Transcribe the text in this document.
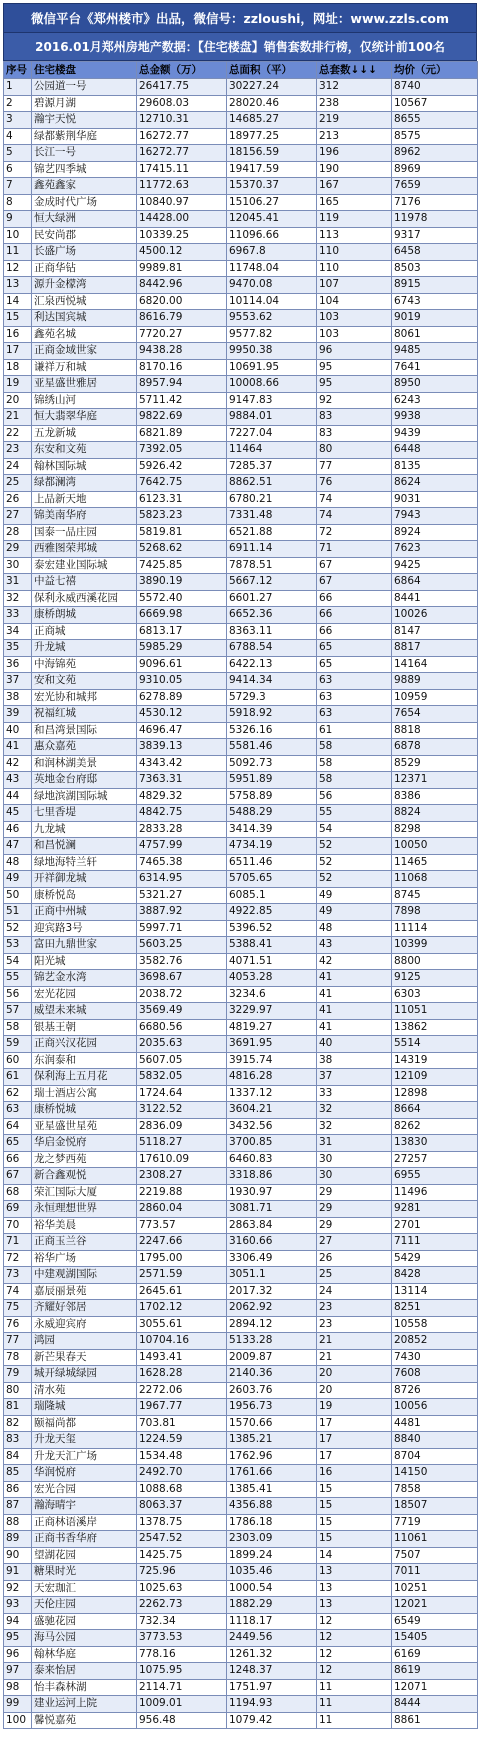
微信平台《郑州楼市》出品，微信号：zzloushi，网址：www.zzls.com
2016.01月郑州房地产数据：【住宅楼盘】销售套数排行榜，仅统计前100名
序号	住宅楼盘	总金额（万）	总面积（平）	总套数↓↓↓	均价（元）
1	公园道一号	26417.75	30227.24	312	8740
2	碧源月湖	29608.03	28020.46	238	10567
3	瀚宇天悦	12710.31	14685.27	219	8655
4	绿都紫荆华庭	16272.77	18977.25	213	8575
5	长江一号	16272.77	18156.59	196	8962
6	锦艺四季城	17415.11	19417.59	190	8969
7	鑫苑鑫家	11772.63	15370.37	167	7659
8	金成时代广场	10840.97	15106.27	165	7176
9	恒大绿洲	14428.00	12045.41	119	11978
10	民安尚郡	10339.25	11096.66	113	9317
11	长盛广场	4500.12	6967.8	110	6458
12	正商华钻	9989.81	11748.04	110	8503
13	源升金檬湾	8442.96	9470.08	107	8915
14	汇泉西悦城	6820.00	10114.04	104	6743
15	利达国宾城	8616.79	9553.62	103	9019
16	鑫苑名城	7720.27	9577.82	103	8061
17	正商金域世家	9438.28	9950.38	96	9485
18	谦祥万和城	8170.16	10691.95	95	7641
19	亚星盛世雅居	8957.94	10008.66	95	8950
20	锦绣山河	5711.42	9147.83	92	6243
21	恒大翡翠华庭	9822.69	9884.01	83	9938
22	五龙新城	6821.89	7227.04	83	9439
23	东安和文苑	7392.05	11464	80	6448
24	翰林国际城	5926.42	7285.37	77	8135
25	绿都澜湾	7642.75	8862.51	76	8624
26	上品新天地	6123.31	6780.21	74	9031
27	锦美南华府	5823.23	7331.48	74	7943
28	国泰一品庄园	5819.81	6521.88	72	8924
29	西雅图荣邦城	5268.62	6911.14	71	7623
30	泰宏建业国际城	7425.85	7878.51	67	9425
31	中益七禧	3890.19	5667.12	67	6864
32	保利永威西溪花园	5572.40	6601.27	66	8441
33	康桥朗城	6669.98	6652.36	66	10026
34	正商城	6813.17	8363.11	66	8147
35	升龙城	5985.29	6788.54	65	8817
36	中海锦苑	9096.61	6422.13	65	14164
37	安和文苑	9310.05	9414.34	63	9889
38	宏光协和城邦	6278.89	5729.3	63	10959
39	祝福红城	4530.12	5918.92	63	7654
40	和昌湾景国际	4696.47	5326.16	61	8818
41	惠众嘉苑	3839.13	5581.46	58	6878
42	和润林湖美景	4343.42	5092.73	58	8529
43	英地金台府邸	7363.31	5951.89	58	12371
44	绿地滨湖国际城	4829.32	5758.89	56	8386
45	七里香堤	4842.75	5488.29	55	8824
46	九龙城	2833.28	3414.39	54	8298
47	和昌悦澜	4757.99	4734.19	52	10050
48	绿地海特兰轩	7465.38	6511.46	52	11465
49	开祥御龙城	6314.95	5705.65	52	11068
50	康桥悦岛	5321.27	6085.1	49	8745
51	正商中州城	3887.92	4922.85	49	7898
52	迎宾路3号	5997.71	5396.52	48	11114
53	富田九鼎世家	5603.25	5388.41	43	10399
54	阳光城	3582.76	4071.51	42	8800
55	锦艺金水湾	3698.67	4053.28	41	9125
56	宏光花园	2038.72	3234.6	41	6303
57	威望未来城	3569.49	3229.97	41	11051
58	银基王朝	6680.56	4819.27	41	13862
59	正商兴汉花园	2035.63	3691.95	40	5514
60	东润泰和	5607.05	3915.74	38	14319
61	保利海上五月花	5832.05	4816.28	37	12109
62	瑞士酒店公寓	1724.64	1337.12	33	12898
63	康桥悦城	3122.52	3604.21	32	8664
64	亚星盛世星苑	2836.09	3432.56	32	8262
65	华启金悦府	5118.27	3700.85	31	13830
66	龙之梦西苑	17610.09	6460.83	30	27257
67	新合鑫观悦	2308.27	3318.86	30	6955
68	荣汇国际大厦	2219.88	1930.97	29	11496
69	永恒理想世界	2860.04	3081.71	29	9281
70	裕华美晨	773.57	2863.84	29	2701
71	正商玉兰谷	2247.66	3160.66	27	7111
72	裕华广场	1795.00	3306.49	26	5429
73	中建观湖国际	2571.59	3051.1	25	8428
74	嘉辰丽景苑	2645.61	2017.32	24	13114
75	齐耀好邻居	1702.12	2062.92	23	8251
76	永威迎宾府	3055.61	2894.12	23	10558
77	鸿园	10704.16	5133.28	21	20852
78	新芒果春天	1493.41	2009.87	21	7430
79	城开绿城绿园	1628.28	2140.36	20	7608
80	清水苑	2272.06	2603.76	20	8726
81	瑞隆城	1967.77	1956.73	19	10056
82	颐福尚都	703.81	1570.66	17	4481
83	升龙天玺	1224.59	1385.21	17	8840
84	升龙天汇广场	1534.48	1762.96	17	8704
85	华润悦府	2492.70	1761.66	16	14150
86	宏光合园	1088.68	1385.41	15	7858
87	瀚海晴宇	8063.37	4356.88	15	18507
88	正商林语溪岸	1378.75	1786.18	15	7719
89	正商书香华府	2547.52	2303.09	15	11061
90	望湖花园	1425.75	1899.24	14	7507
91	糖果时光	725.96	1035.46	13	7011
92	天宏珈汇	1025.63	1000.54	13	10251
93	天伦庄园	2262.73	1882.29	13	12021
94	盛驰花园	732.34	1118.17	12	6549
95	海马公园	3773.53	2449.56	12	15405
96	翰林华庭	778.16	1261.32	12	6169
97	泰来怡居	1075.95	1248.37	12	8619
98	怡丰森林湖	2114.71	1751.97	11	12071
99	建业运河上院	1009.01	1194.93	11	8444
100	馨悦嘉苑	956.48	1079.42	11	8861
